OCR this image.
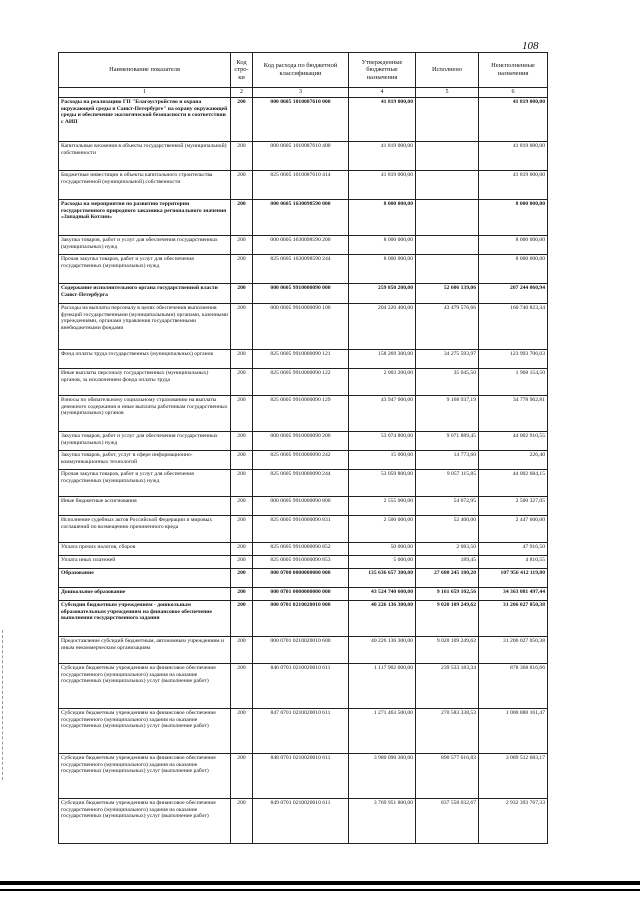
108
Наименование показателя	Код стро-ки	Код расхода по бюджетной классификации	Утвержденные бюджетные назначения	Исполнено	Неисполненные назначения
1	2	3	4	5	6
Расходы на реализацию ГП "Благоустройство и охрана окружающей среды в Санкт-Петербурге" на охрану окружающей среды и обеспечение экологической безопасности в соответствии с АИП	200	000 0605 1010087610 000	41 819 000,00		41 819 000,00
Капитальные вложения в объекты государственной (муниципальной) собственности	200	000 0605 1010087610 400	41 819 000,00		41 819 000,00
Бюджетные инвестиции в объекты капитального строительства государственной (муниципальной) собственности	200	825 0605 1010087610 414	41 819 000,00		41 819 000,00
Расходы на мероприятия по развитию территории государственного природного заказника регионального значения «Западный Котлин»	200	000 0605 1630098590 000	8 000 000,00		8 000 000,00
Закупка товаров, работ и услуг для обеспечения государственных (муниципальных) нужд	200	000 0605 1630098590 200	8 000 000,00		8 000 000,00
Прочая закупка товаров, работ и услуг для обеспечения государственных (муниципальных) нужд	200	825 0605 1630098590 244	8 000 000,00		8 000 000,00
Содержание исполнительного органа государственной власти Санкт-Петербурга	200	000 0605 9910000090 000	259 850 200,00	52 606 139,06	207 244 060,94
Расходы на выплаты персоналу в целях обеспечения выполнения функций государственными (муниципальными) органами, казенными учреждениями, органами управления государственными внебюджетными фондами	200	000 0605 9910000090 100	204 220 400,00	43 479 576,66	160 740 823,34
Фонд оплаты труда государственных (муниципальных) органов	200	825 0605 9910000090 121	158 269 300,00	34 275 593,97	123 993 706,03
Иные выплаты персоналу государственных (муниципальных) органов, за исключением фонда оплаты труда	200	825 0605 9910000090 122	2 003 200,00	35 045,50	1 968 154,50
Взносы по обязательному социальному страхованию на выплаты денежного содержания и иные выплаты работникам государственных (муниципальных) органов	200	825 0605 9910000090 129	43 947 900,00	9 168 937,19	34 778 962,81
Закупка товаров, работ и услуг для обеспечения государственных (муниципальных) нужд	200	000 0605 9910000090 200	53 074 800,00	9 071 889,45	44 002 910,55
Закупка товаров, работ, услуг в сфере информационно-коммуникационных технологий	200	825 0605 9910000090 242	15 000,00	14 773,60	226,40
Прочая закупка товаров, работ и услуг для обеспечения государственных (муниципальных) нужд	200	825 0605 9910000090 244	53 059 800,00	9 057 115,85	44 002 684,15
Иные бюджетные ассигнования	200	000 0605 9910000090 800	2 555 000,00	54 672,95	2 500 327,05
Исполнение судебных актов Российской Федерации и мировых соглашений по возмещению причиненного вреда	200	825 0605 9910000090 831	2 500 000,00	52 400,00	2 447 600,00
Уплата прочих налогов, сборов	200	825 0605 9910000090 852	50 000,00	2 083,50	47 916,50
Уплата иных платежей	200	825 0605 9910000090 853	5 000,00	189,45	4 810,55
Образование	200	000 0700 0000000000 000	135 636 657 300,00	27 680 245 180,20	107 956 412 119,80
Дошкольное образование	200	000 0701 0000000000 000	43 524 740 600,00	9 161 659 102,56	34 363 081 497,44
Субсидии бюджетным учреждениям - дошкольным образовательным учреждениям на финансовое обеспечение выполнения государственного задания	200	000 0701 0210020010 000	40 226 136 300,00	9 020 109 249,62	31 206 027 050,38
Предоставление субсидий бюджетным, автономным учреждениям и иным некоммерческим организациям	200	000 0701 0210020010 600	40 226 136 300,00	9 020 109 249,62	31 206 027 050,38
Субсидии бюджетным учреждениям на финансовое обеспечение государственного (муниципального) задания на оказание государственных (муниципальных) услуг (выполнение работ)	200	846 0701 0210020010 611	1 117 902 000,00	239 533 183,34	878 368 816,66
Субсидии бюджетным учреждениям на финансовое обеспечение государственного (муниципального) задания на оказание государственных (муниципальных) услуг (выполнение работ)	200	847 0701 0210020010 611	1 271 463 500,00	270 583 338,53	1 000 880 161,47
Субсидии бюджетным учреждениям на финансовое обеспечение государственного (муниципального) задания на оказание государственных (муниципальных) услуг (выполнение работ)	200	848 0701 0210020010 611	3 980 090 300,00	890 577 616,83	3 089 512 683,17
Субсидии бюджетным учреждениям на финансовое обеспечение государственного (муниципального) задания на оказание государственных (муниципальных) услуг (выполнение работ)	200	849 0701 0210020010 611	3 769 951 800,00	837 558 032,67	2 932 393 767,33
